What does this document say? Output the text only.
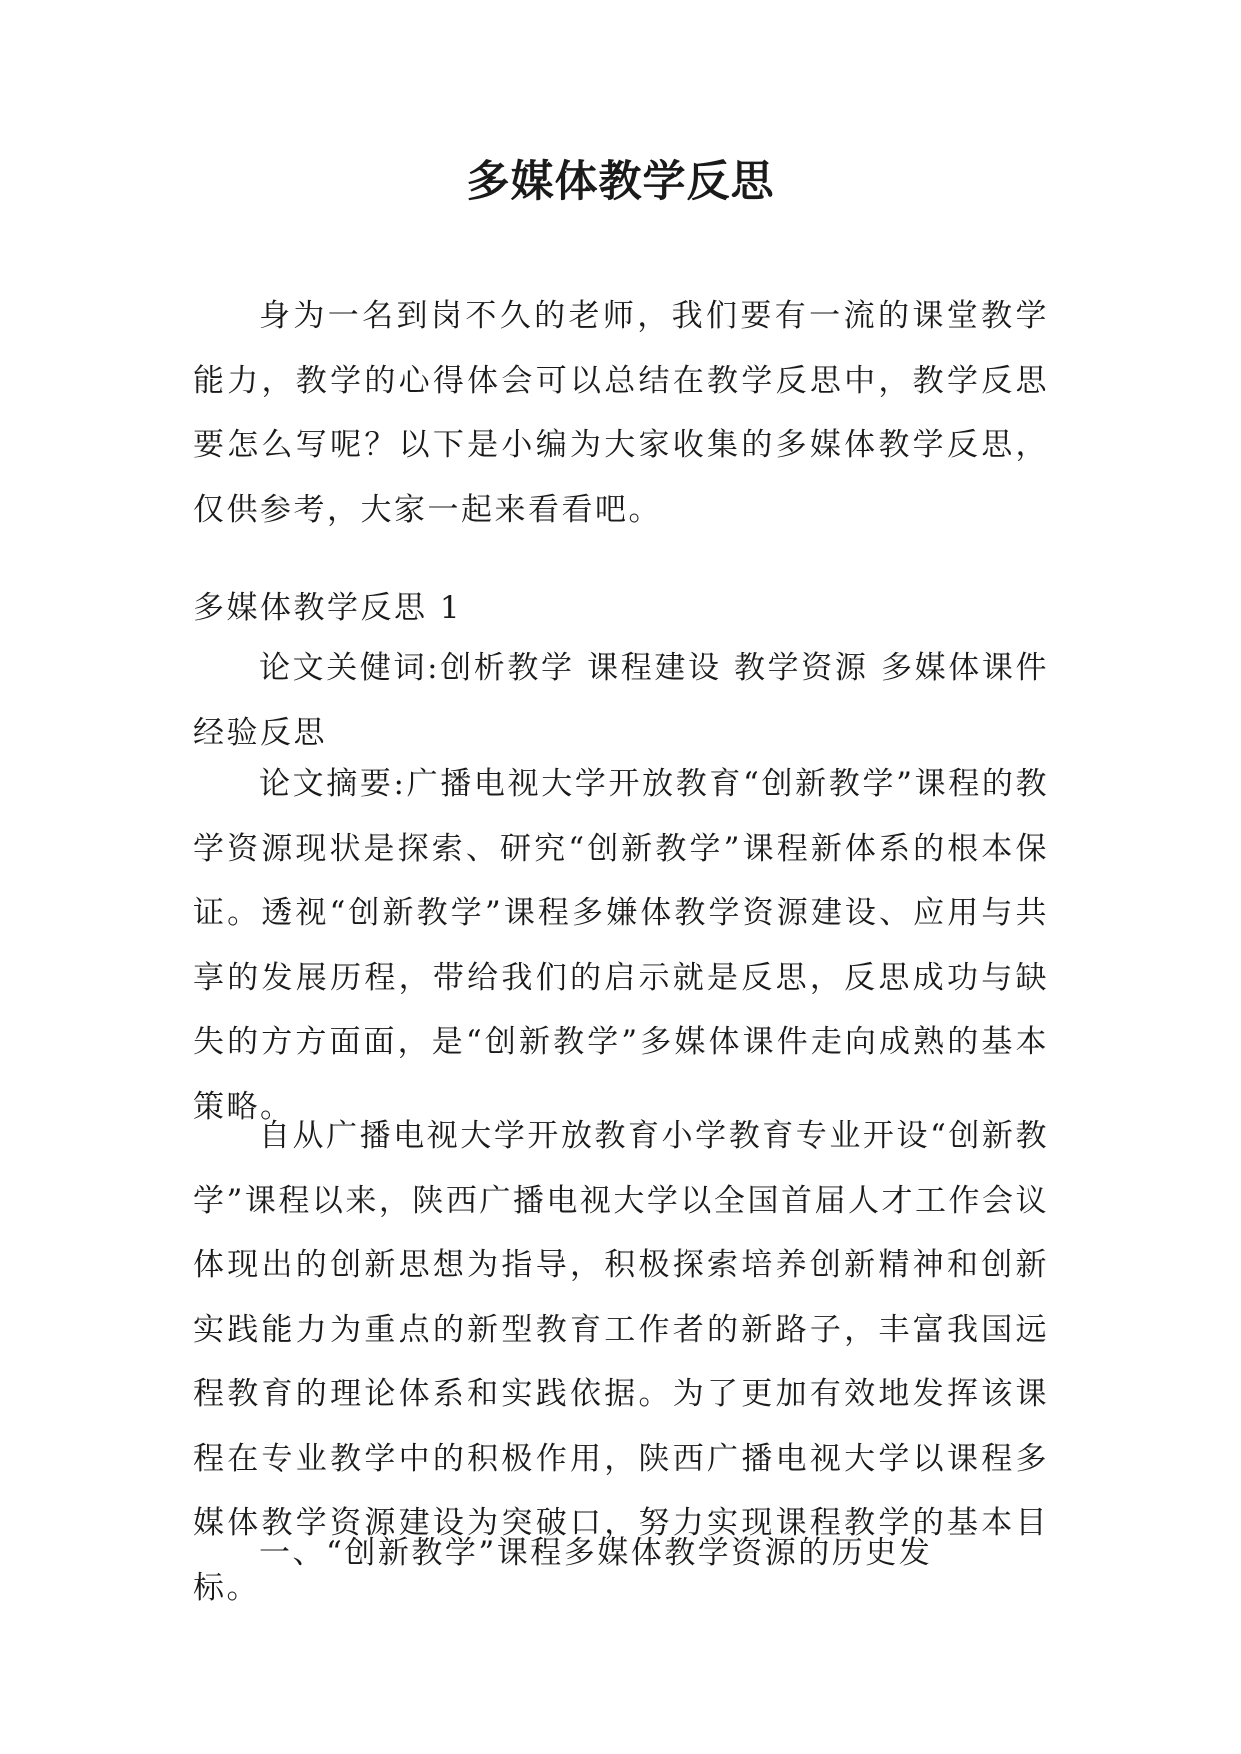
多媒体教学反思

身为一名到岗不久的老师，我们要有一流的课堂教学能力，教学的心得体会可以总结在教学反思中，教学反思要怎么写呢？以下是小编为大家收集的多媒体教学反思，仅供参考，大家一起来看看吧。

多媒体教学反思 1

论文关健词:创析教学 课程建设 教学资源 多媒体课件经验反思

论文摘要:广播电视大学开放教育“创新教学”课程的教学资源现状是探索、研究“创新教学”课程新体系的根本保证。透视“创新教学”课程多嫌体教学资源建设、应用与共享的发展历程，带给我们的启示就是反思，反思成功与缺失的方方面面，是“创新教学”多媒体课件走向成熟的基本策略。

自从广播电视大学开放教育小学教育专业开设“创新教学”课程以来，陕西广播电视大学以全国首届人才工作会议体现出的创新思想为指导，积极探索培养创新精神和创新实践能力为重点的新型教育工作者的新路子，丰富我国远程教育的理论体系和实践依据。为了更加有效地发挥该课程在专业教学中的积极作用，陕西广播电视大学以课程多媒体教学资源建设为突破口，努力实现课程教学的基本目标。

一、“创新教学”课程多媒体教学资源的历史发
